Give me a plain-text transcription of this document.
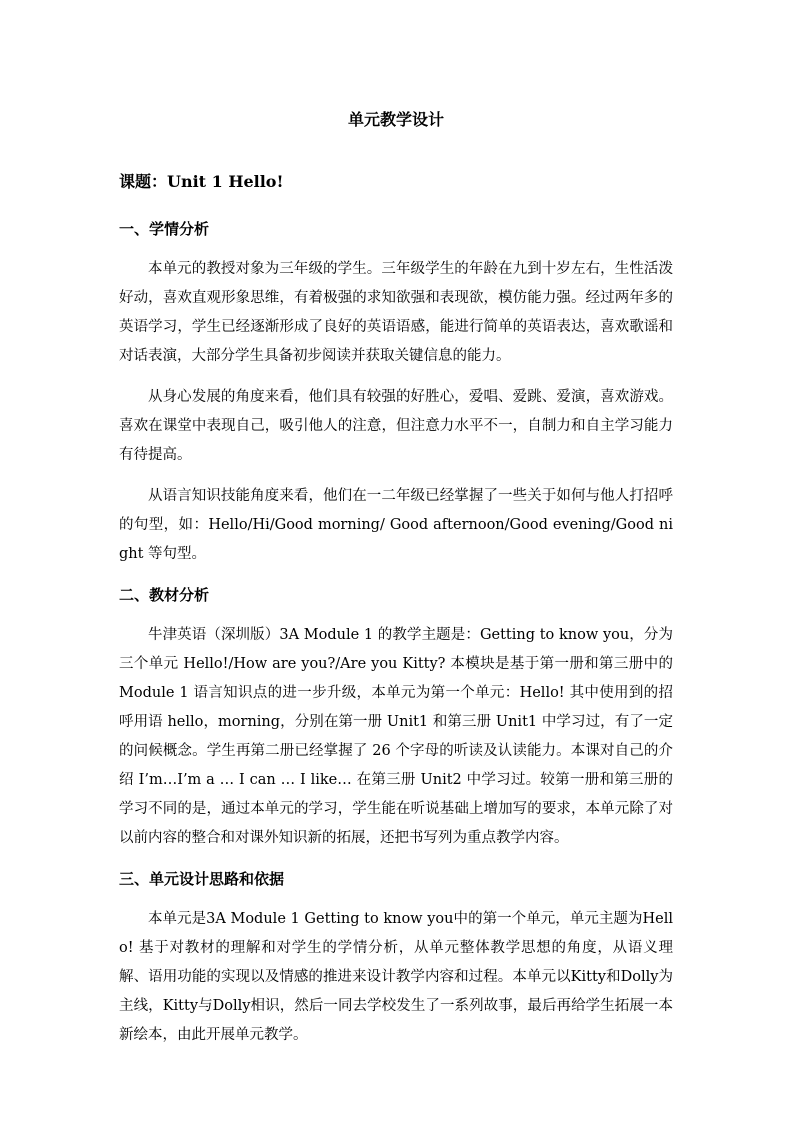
单元教学设计
课题：Unit 1 Hello!
一、学情分析

本单元的教授对象为三年级的学生。三年级学生的年龄在九到十岁左右，生性活泼好动，喜欢直观形象思维，有着极强的求知欲强和表现欲，模仿能力强。经过两年多的英语学习，学生已经逐渐形成了良好的英语语感，能进行简单的英语表达，喜欢歌谣和对话表演，大部分学生具备初步阅读并获取关键信息的能力。

从身心发展的角度来看，他们具有较强的好胜心，爱唱、爱跳、爱演，喜欢游戏。喜欢在课堂中表现自己，吸引他人的注意，但注意力水平不一，自制力和自主学习能力有待提高。

从语言知识技能角度来看，他们在一二年级已经掌握了一些关于如何与他人打招呼的句型，如：Hello/Hi/Good morning/ Good afternoon/Good evening/Good night 等句型。

二、教材分析

牛津英语（深圳版）3A Module 1 的教学主题是：Getting to know you，分为三个单元 Hello!/How are you?/Are you Kitty? 本模块是基于第一册和第三册中的 Module 1 语言知识点的进一步升级，本单元为第一个单元：Hello! 其中使用到的招呼用语 hello，morning，分别在第一册 Unit1 和第三册 Unit1 中学习过，有了一定的问候概念。学生再第二册已经掌握了 26 个字母的听读及认读能力。本课对自己的介绍 I’m…I’m a … I can … I like… 在第三册 Unit2 中学习过。较第一册和第三册的学习不同的是，通过本单元的学习，学生能在听说基础上增加写的要求，本单元除了对以前内容的整合和对课外知识新的拓展，还把书写列为重点教学内容。

三、单元设计思路和依据

本单元是3A Module 1 Getting to know you中的第一个单元，单元主题为Hello! 基于对教材的理解和对学生的学情分析，从单元整体教学思想的角度，从语义理解、语用功能的实现以及情感的推进来设计教学内容和过程。本单元以Kitty和Dolly为主线，Kitty与Dolly相识，然后一同去学校发生了一系列故事，最后再给学生拓展一本新绘本，由此开展单元教学。
